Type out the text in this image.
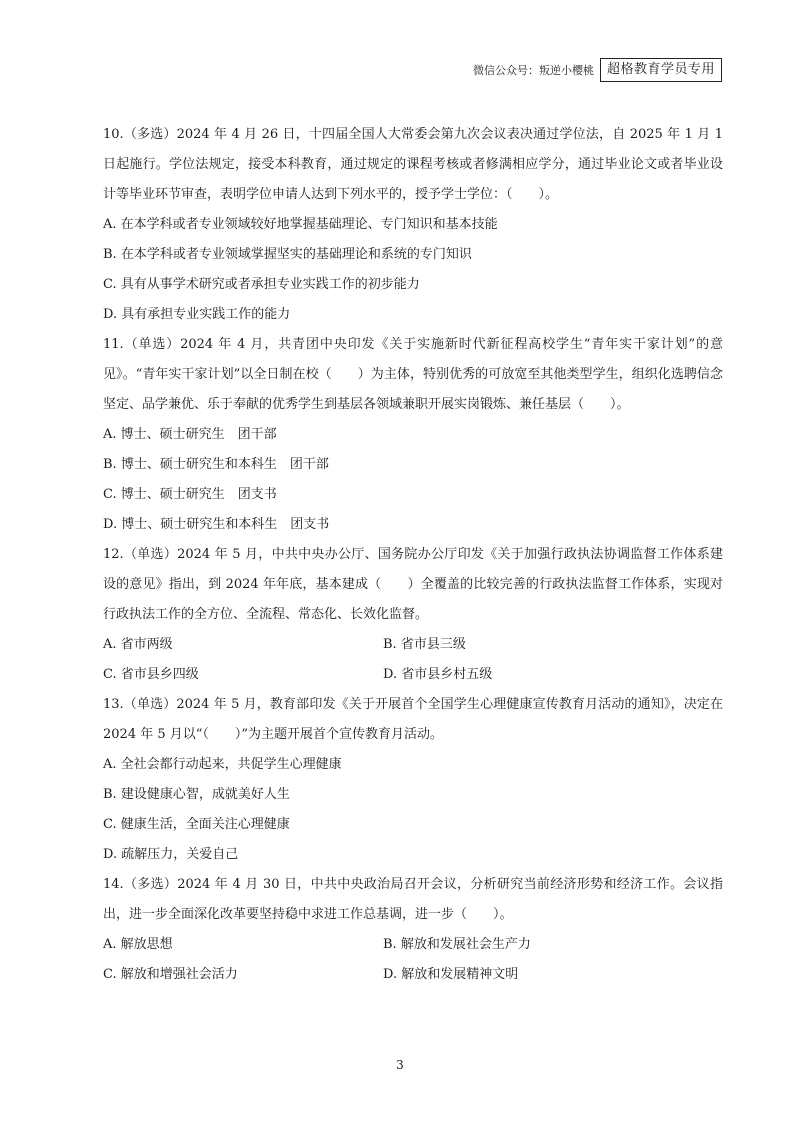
微信公众号：叛逆小樱桃	超格教育学员专用

10.（多选）2024 年 4 月 26 日，十四届全国人大常委会第九次会议表决通过学位法，自 2025 年 1 月 1 日起施行。学位法规定，接受本科教育，通过规定的课程考核或者修满相应学分，通过毕业论文或者毕业设计等毕业环节审查，表明学位申请人达到下列水平的，授予学士学位：（　　）。

A. 在本学科或者专业领域较好地掌握基础理论、专门知识和基本技能

B. 在本学科或者专业领域掌握坚实的基础理论和系统的专门知识

C. 具有从事学术研究或者承担专业实践工作的初步能力

D. 具有承担专业实践工作的能力

11.（单选）2024 年 4 月，共青团中央印发《关于实施新时代新征程高校学生“青年实干家计划”的意见》。“青年实干家计划”以全日制在校（　　）为主体，特别优秀的可放宽至其他类型学生，组织化选聘信念坚定、品学兼优、乐于奉献的优秀学生到基层各领域兼职开展实岗锻炼、兼任基层（　　）。

A. 博士、硕士研究生　团干部

B. 博士、硕士研究生和本科生　团干部

C. 博士、硕士研究生　团支书

D. 博士、硕士研究生和本科生　团支书

12.（单选）2024 年 5 月，中共中央办公厅、国务院办公厅印发《关于加强行政执法协调监督工作体系建设的意见》指出，到 2024 年年底，基本建成（　　）全覆盖的比较完善的行政执法监督工作体系，实现对行政执法工作的全方位、全流程、常态化、长效化监督。

A. 省市两级	B. 省市县三级

C. 省市县乡四级	D. 省市县乡村五级

13.（单选）2024 年 5 月，教育部印发《关于开展首个全国学生心理健康宣传教育月活动的通知》，决定在 2024 年 5 月以“（　　）”为主题开展首个宣传教育月活动。

A. 全社会都行动起来，共促学生心理健康

B. 建设健康心智，成就美好人生

C. 健康生活，全面关注心理健康

D. 疏解压力，关爱自己

14.（多选）2024 年 4 月 30 日，中共中央政治局召开会议，分析研究当前经济形势和经济工作。会议指出，进一步全面深化改革要坚持稳中求进工作总基调，进一步（　　）。

A. 解放思想	B. 解放和发展社会生产力

C. 解放和增强社会活力	D. 解放和发展精神文明

3
